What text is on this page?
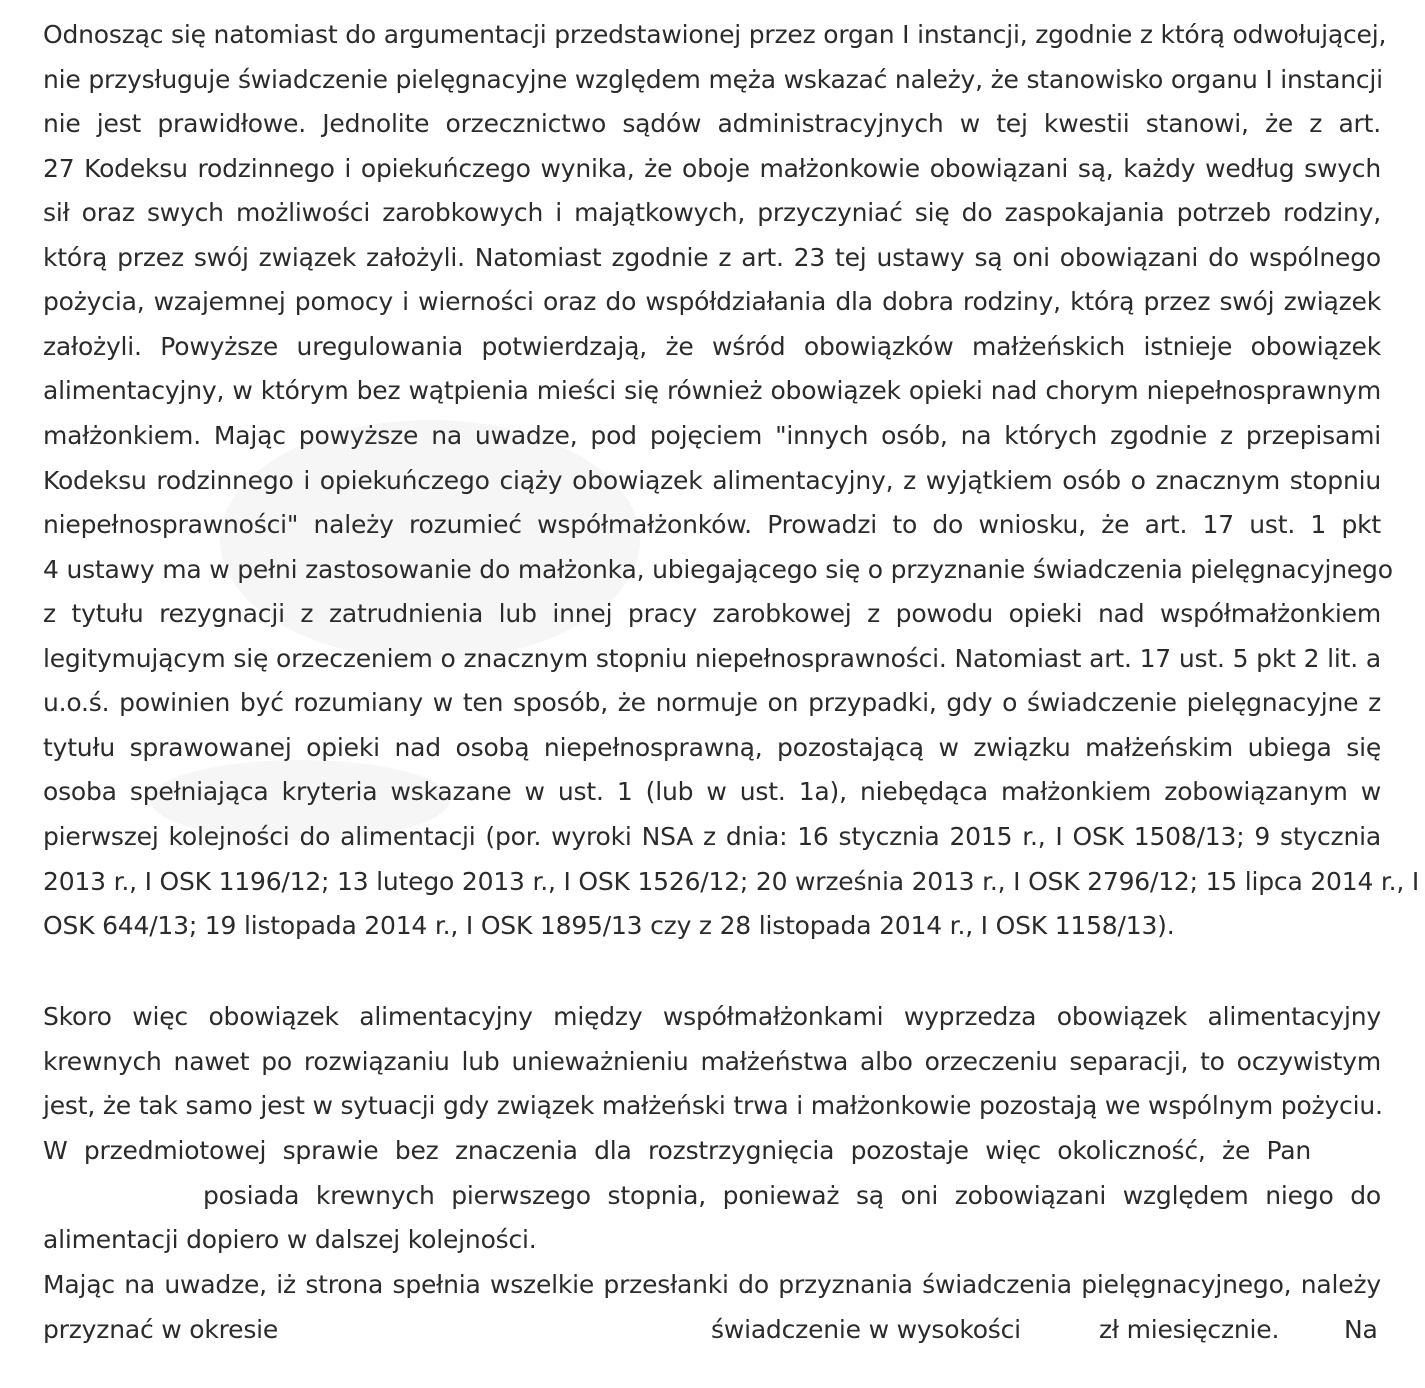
Odnosząc się natomiast do argumentacji przedstawionej przez organ I instancji, zgodnie z którą odwołującej,
nie przysługuje świadczenie pielęgnacyjne względem męża wskazać należy, że stanowisko organu I instancji
nie jest prawidłowe. Jednolite orzecznictwo sądów administracyjnych w tej kwestii stanowi, że z art.
27 Kodeksu rodzinnego i opiekuńczego wynika, że oboje małżonkowie obowiązani są, każdy według swych
sił oraz swych możliwości zarobkowych i majątkowych, przyczyniać się do zaspokajania potrzeb rodziny,
którą przez swój związek założyli. Natomiast zgodnie z art. 23 tej ustawy są oni obowiązani do wspólnego
pożycia, wzajemnej pomocy i wierności oraz do współdziałania dla dobra rodziny, którą przez swój związek
założyli. Powyższe uregulowania potwierdzają, że wśród obowiązków małżeńskich istnieje obowiązek
alimentacyjny, w którym bez wątpienia mieści się również obowiązek opieki nad chorym niepełnosprawnym
małżonkiem. Mając powyższe na uwadze, pod pojęciem "innych osób, na których zgodnie z przepisami
Kodeksu rodzinnego i opiekuńczego ciąży obowiązek alimentacyjny, z wyjątkiem osób o znacznym stopniu
niepełnosprawności" należy rozumieć współmałżonków. Prowadzi to do wniosku, że art. 17 ust. 1 pkt
4 ustawy ma w pełni zastosowanie do małżonka, ubiegającego się o przyznanie świadczenia pielęgnacyjnego
z tytułu rezygnacji z zatrudnienia lub innej pracy zarobkowej z powodu opieki nad współmałżonkiem
legitymującym się orzeczeniem o znacznym stopniu niepełnosprawności. Natomiast art. 17 ust. 5 pkt 2 lit. a
u.o.ś. powinien być rozumiany w ten sposób, że normuje on przypadki, gdy o świadczenie pielęgnacyjne z
tytułu sprawowanej opieki nad osobą niepełnosprawną, pozostającą w związku małżeńskim ubiega się
osoba spełniająca kryteria wskazane w ust. 1 (lub w ust. 1a), niebędąca małżonkiem zobowiązanym w
pierwszej kolejności do alimentacji (por. wyroki NSA z dnia: 16 stycznia 2015 r., I OSK 1508/13; 9 stycznia
2013 r., I OSK 1196/12; 13 lutego 2013 r., I OSK 1526/12; 20 września 2013 r., I OSK 2796/12; 15 lipca 2014 r., I
OSK 644/13; 19 listopada 2014 r., I OSK 1895/13 czy z 28 listopada 2014 r., I OSK 1158/13).
Skoro więc obowiązek alimentacyjny między współmałżonkami wyprzedza obowiązek alimentacyjny
krewnych nawet po rozwiązaniu lub unieważnieniu małżeństwa albo orzeczeniu separacji, to oczywistym
jest, że tak samo jest w sytuacji gdy związek małżeński trwa i małżonkowie pozostają we wspólnym pożyciu.
W przedmiotowej sprawie bez znaczenia dla rozstrzygnięcia pozostaje więc okoliczność, że Pan
posiada krewnych pierwszego stopnia, ponieważ są oni zobowiązani względem niego do
alimentacji dopiero w dalszej kolejności.
Mając na uwadze, iż strona spełnia wszelkie przesłanki do przyznania świadczenia pielęgnacyjnego, należy
przyznać w okresie	świadczenie w wysokości	zł miesięcznie.	Na
